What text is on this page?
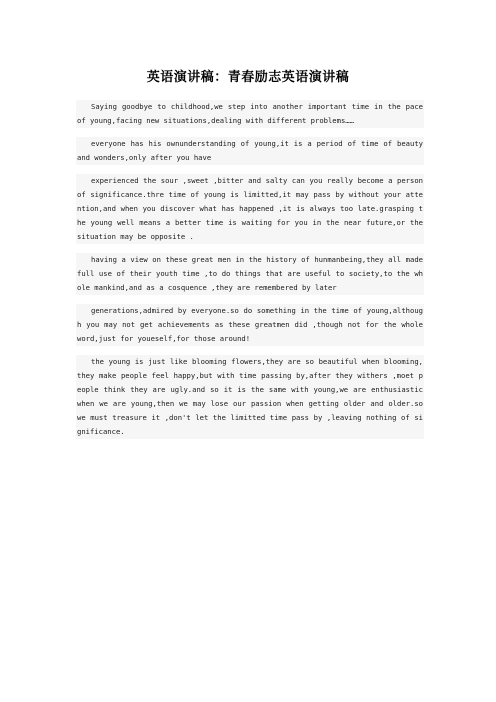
英语演讲稿：青春励志英语演讲稿

Saying goodbye to childhood,we step into another important time in the pace of young,facing new situations,dealing with different problems……

everyone has his ownunderstanding of young,it is a period of time of beauty and wonders,only after you have

experienced the sour ,sweet ,bitter and salty can you really become a person of significance.thre time of young is limitted,it may pass by without your attention,and when you discover what has happened ,it is always too late.grasping the young well means a better time is waiting for you in the near future,or the situation may be opposite .

having a view on these great men in the history of hunmanbeing,they all made full use of their youth time ,to do things that are useful to society,to the whole mankind,and as a cosquence ,they are remembered by later

generations,admired by everyone.so do something in the time of young,although you may not get achievements as these greatmen did ,though not for the whole word,just for youeself,for those around!

the young is just like blooming flowers,they are so beautiful when blooming,they make people feel happy,but with time passing by,after they withers ,moet people think they are ugly.and so it is the same with young,we are enthusiastic when we are young,then we may lose our passion when getting older and older.so we must treasure it ,don't let the limitted time pass by ,leaving nothing of significance.
